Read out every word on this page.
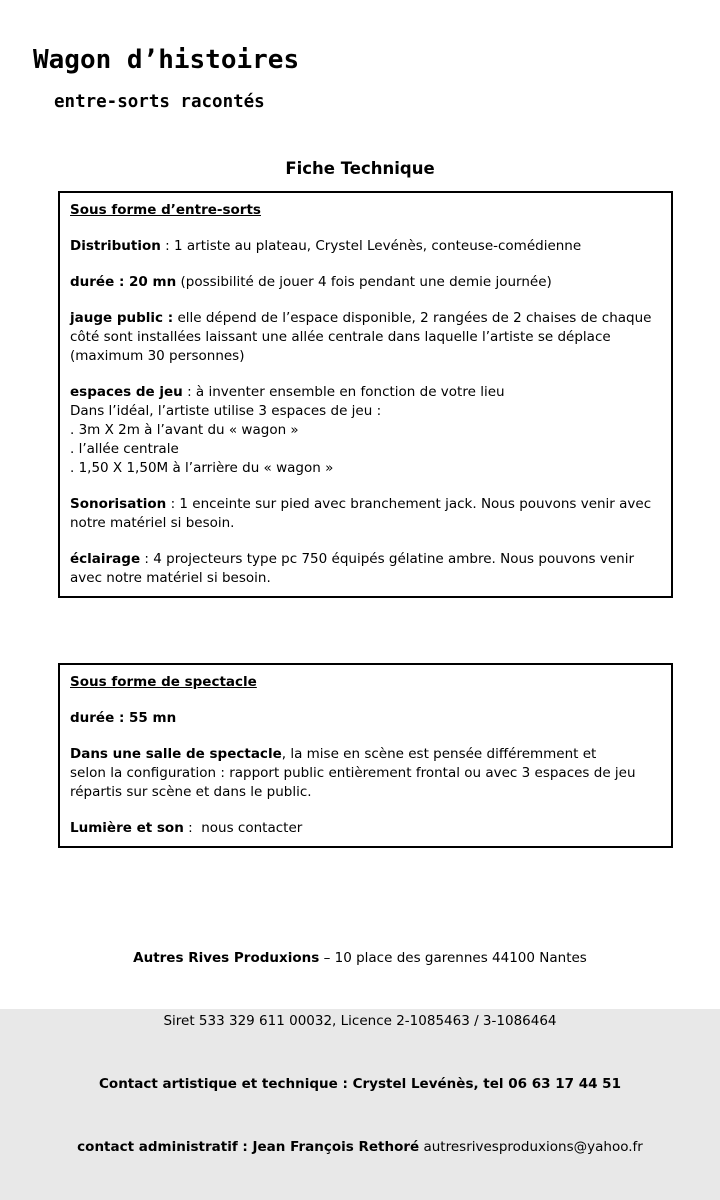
Wagon d’histoires
entre-sorts racontés
Fiche Technique

Sous forme d’entre-sorts

Distribution : 1 artiste au plateau, Crystel Levénès, conteuse-comédienne

durée : 20 mn (possibilité de jouer 4 fois pendant une demie journée)

jauge public : elle dépend de l’espace disponible, 2 rangées de 2 chaises de chaque côté sont installées laissant une allée centrale dans laquelle l’artiste se déplace (maximum 30 personnes)

espaces de jeu : à inventer ensemble en fonction de votre lieu
Dans l’idéal, l’artiste utilise 3 espaces de jeu :
. 3m X 2m à l’avant du « wagon »
. l’allée centrale
. 1,50 X 1,50M à l’arrière du « wagon »

Sonorisation : 1 enceinte sur pied avec branchement jack. Nous pouvons venir avec notre matériel si besoin.

éclairage : 4 projecteurs type pc 750 équipés gélatine ambre. Nous pouvons venir avec notre matériel si besoin.

Sous forme de spectacle

durée : 55 mn

Dans une salle de spectacle, la mise en scène est pensée différemment et
selon la configuration : rapport public entièrement frontal ou avec 3 espaces de jeu
répartis sur scène et dans le public.

Lumière et son :  nous contacter

Autres Rives Produxions – 10 place des garennes 44100 Nantes

Siret 533 329 611 00032, Licence 2-1085463 / 3-1086464

Contact artistique et technique : Crystel Levénès, tel 06 63 17 44 51

contact administratif : Jean François Rethoré autresrivesproduxions@yahoo.fr
